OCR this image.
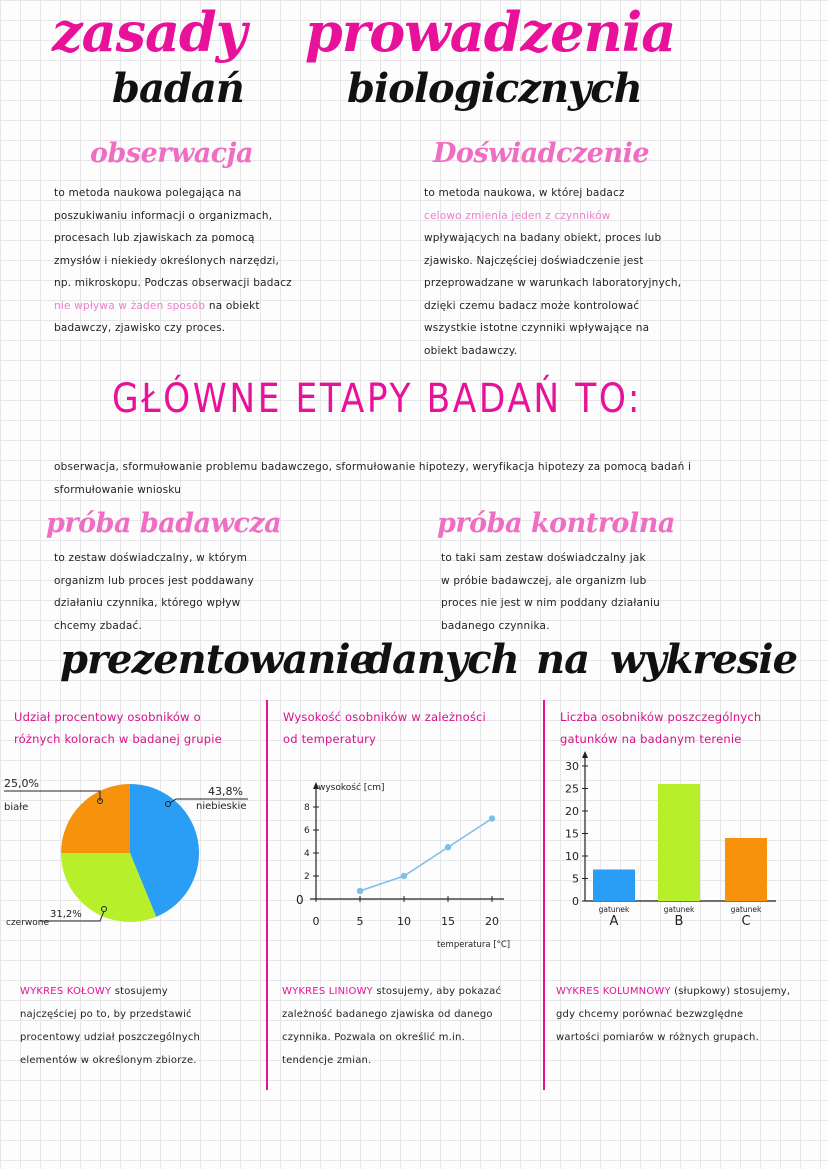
zasady prowadzenia
badań	biologicznych
obserwacja
to metoda naukowa polegająca na
poszukiwaniu informacji o organizmach,
procesach lub zjawiskach za pomocą
zmysłów i niekiedy określonych narzędzi,
np. mikroskopu. Podczas obserwacji badacz
nie wpływa w żaden sposób na obiekt
badawczy, zjawisko czy proces.
Doświadczenie
to metoda naukowa, w której badacz
celowo zmienia jeden z czynników
wpływających na badany obiekt, proces lub
zjawisko. Najczęściej doświadczenie jest
przeprowadzane w warunkach laboratoryjnych,
dzięki czemu badacz może kontrolować
wszystkie istotne czynniki wpływające na
obiekt badawczy.
GŁÓWNE ETAPY BADAŃ TO:
obserwacja, sformułowanie problemu badawczego, sformułowanie hipotezy, weryfikacja hipotezy za pomocą badań i
sformułowanie wniosku
próba badawcza
to zestaw doświadczalny, w którym
organizm lub proces jest poddawany
działaniu czynnika, którego wpływ
chcemy zbadać.
próba kontrolna
to taki sam zestaw doświadczalny jak
w próbie badawczej, ale organizm lub
proces nie jest w nim poddany działaniu
badanego czynnika.
prezentowanie
danych na wykresie
Udział procentowy osobników o
różnych kolorach w badanej grupie
25,0%
białe
43,8%
niebieskie
31,2%
czerwone
WYKRES KOŁOWY stosujemy
najczęściej po to, by przedstawić
procentowy udział poszczególnych
elementów w określonym zbiorze.
Wysokość osobników w zależności
od temperatury
0
2
4
6
8
0	5	10	15	20
wysokość [cm]
temperatura [°C]
WYKRES LINIOWY stosujemy, aby pokazać
zależność badanego zjawiska od danego
czynnika. Pozwala on określić m.in.
tendencje zmian.
Liczba osobników poszczególnych
gatunków na badanym terenie
0
5
10
15
20
25
30
gatunek
A
gatunek
B
gatunek
C
WYKRES KOLUMNOWY (słupkowy) stosujemy,
gdy chcemy porównać bezwzględne
wartości pomiarów w różnych grupach.
